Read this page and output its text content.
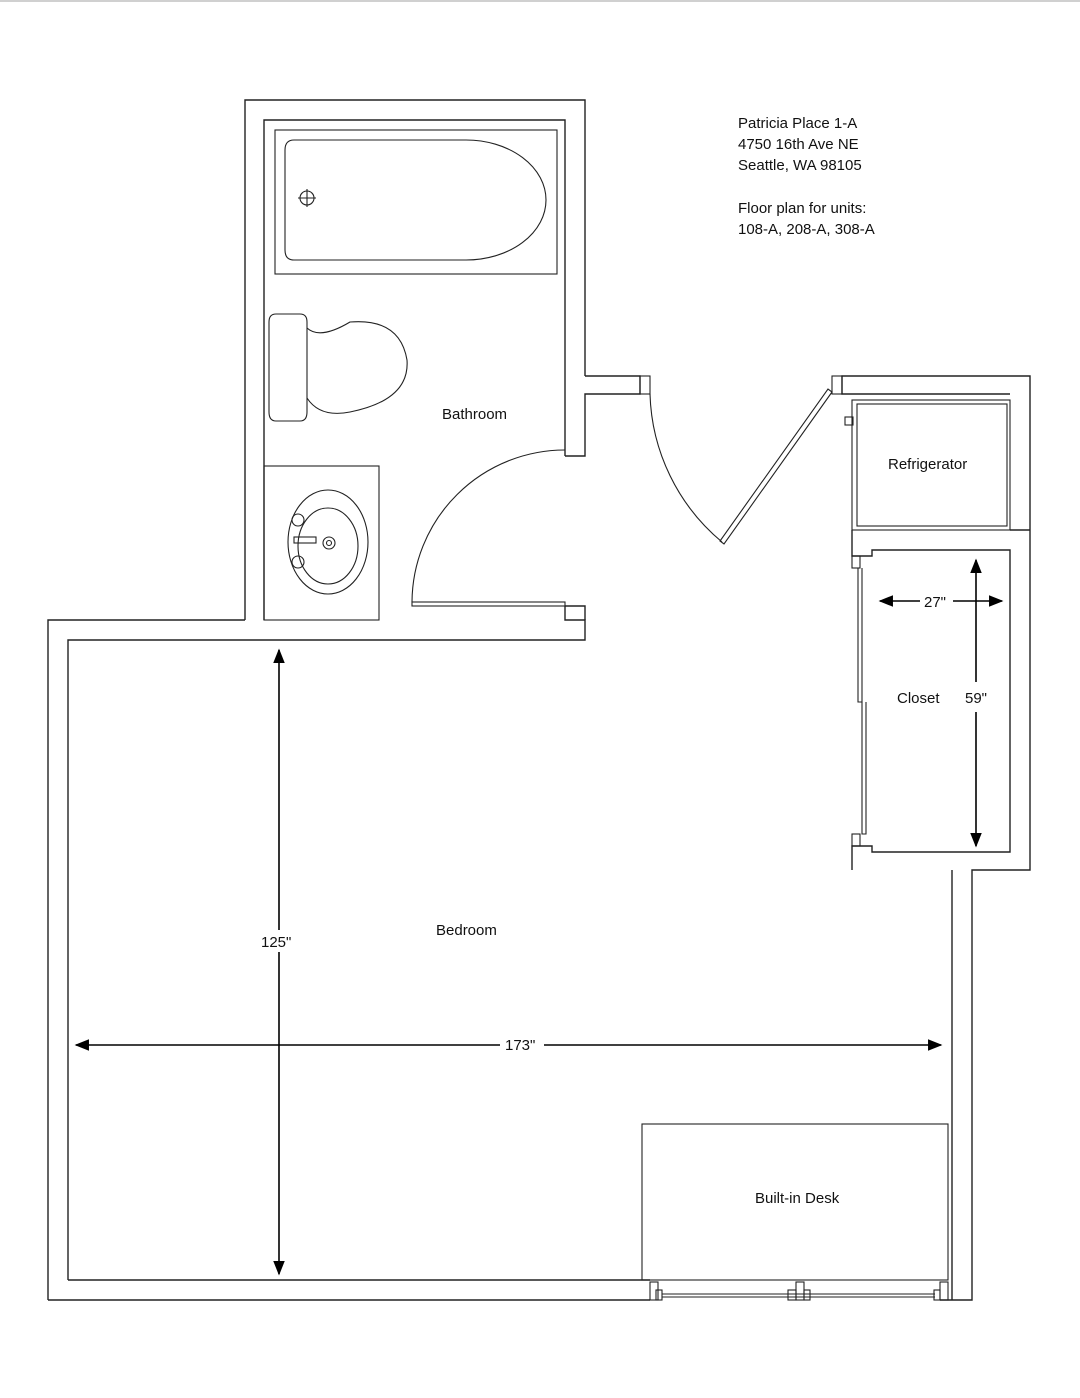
Patricia Place 1-A
4750 16th Ave NE
Seattle, WA 98105
Floor plan for units:
108-A, 208-A, 308-A
Bathroom
Refrigerator
Closet
Bedroom
Built-in Desk
27"
59"
125"
173"
